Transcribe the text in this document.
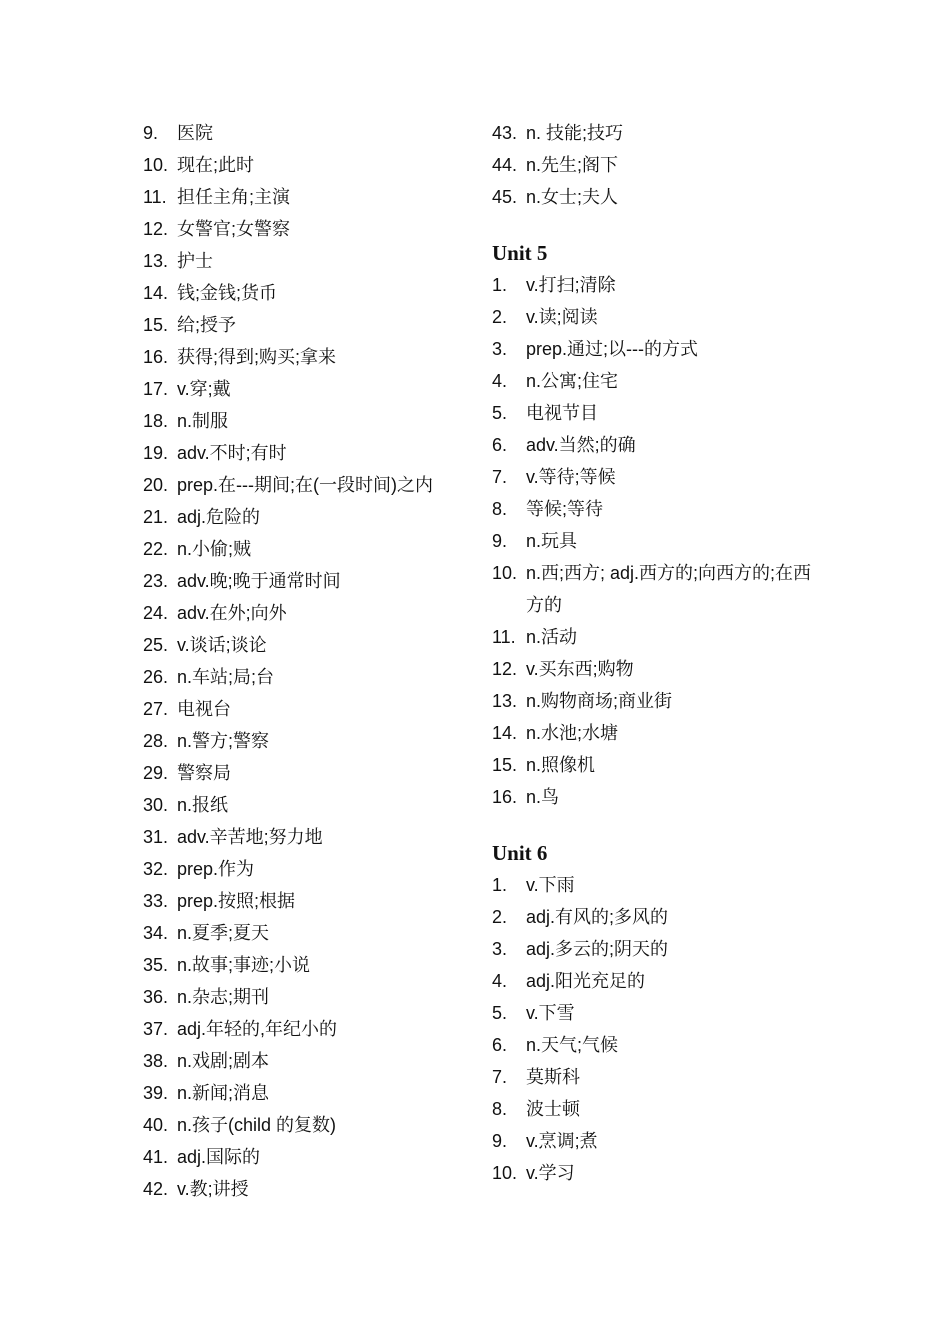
9.	医院
10. 现在;此时
11. 担任主角;主演
12. 女警官;女警察
13. 护士
14. 钱;金钱;货币
15. 给;授予
16. 获得;得到;购买;拿来
17. v.穿;戴
18. n.制服
19. adv.不时;有时
20. prep.在---期间;在(一段时间)之内
21. adj.危险的
22. n.小偷;贼
23. adv.晚;晚于通常时间
24. adv.在外;向外
25. v.谈话;谈论
26. n.车站;局;台
27. 电视台
28. n.警方;警察
29. 警察局
30. n.报纸
31. adv.辛苦地;努力地
32. prep.作为
33. prep.按照;根据
34. n.夏季;夏天
35. n.故事;事迹;小说
36. n.杂志;期刊
37. adj.年轻的,年纪小的
38. n.戏剧;剧本
39. n.新闻;消息
40. n.孩子(child 的复数)
41. adj.国际的
42. v.教;讲授
43. n. 技能;技巧
44. n.先生;阁下
45. n.女士;夫人
Unit 5
1.	v.打扫;清除
2.	v.读;阅读
3.	prep.通过;以---的方式
4.	n.公寓;住宅
5.	电视节目
6.	adv.当然;的确
7.	v.等待;等候
8.	等候;等待
9.	n.玩具
10. n.西;西方; adj.西方的;向西方的;在西方的
11. n.活动
12. v.买东西;购物
13. n.购物商场;商业街
14. n.水池;水塘
15. n.照像机
16. n.鸟
Unit 6
1.	v.下雨
2.	adj.有风的;多风的
3.	adj.多云的;阴天的
4.	adj.阳光充足的
5.	v.下雪
6.	n.天气;气候
7.	莫斯科
8.	波士顿
9.	v.烹调;煮
10. v.学习
